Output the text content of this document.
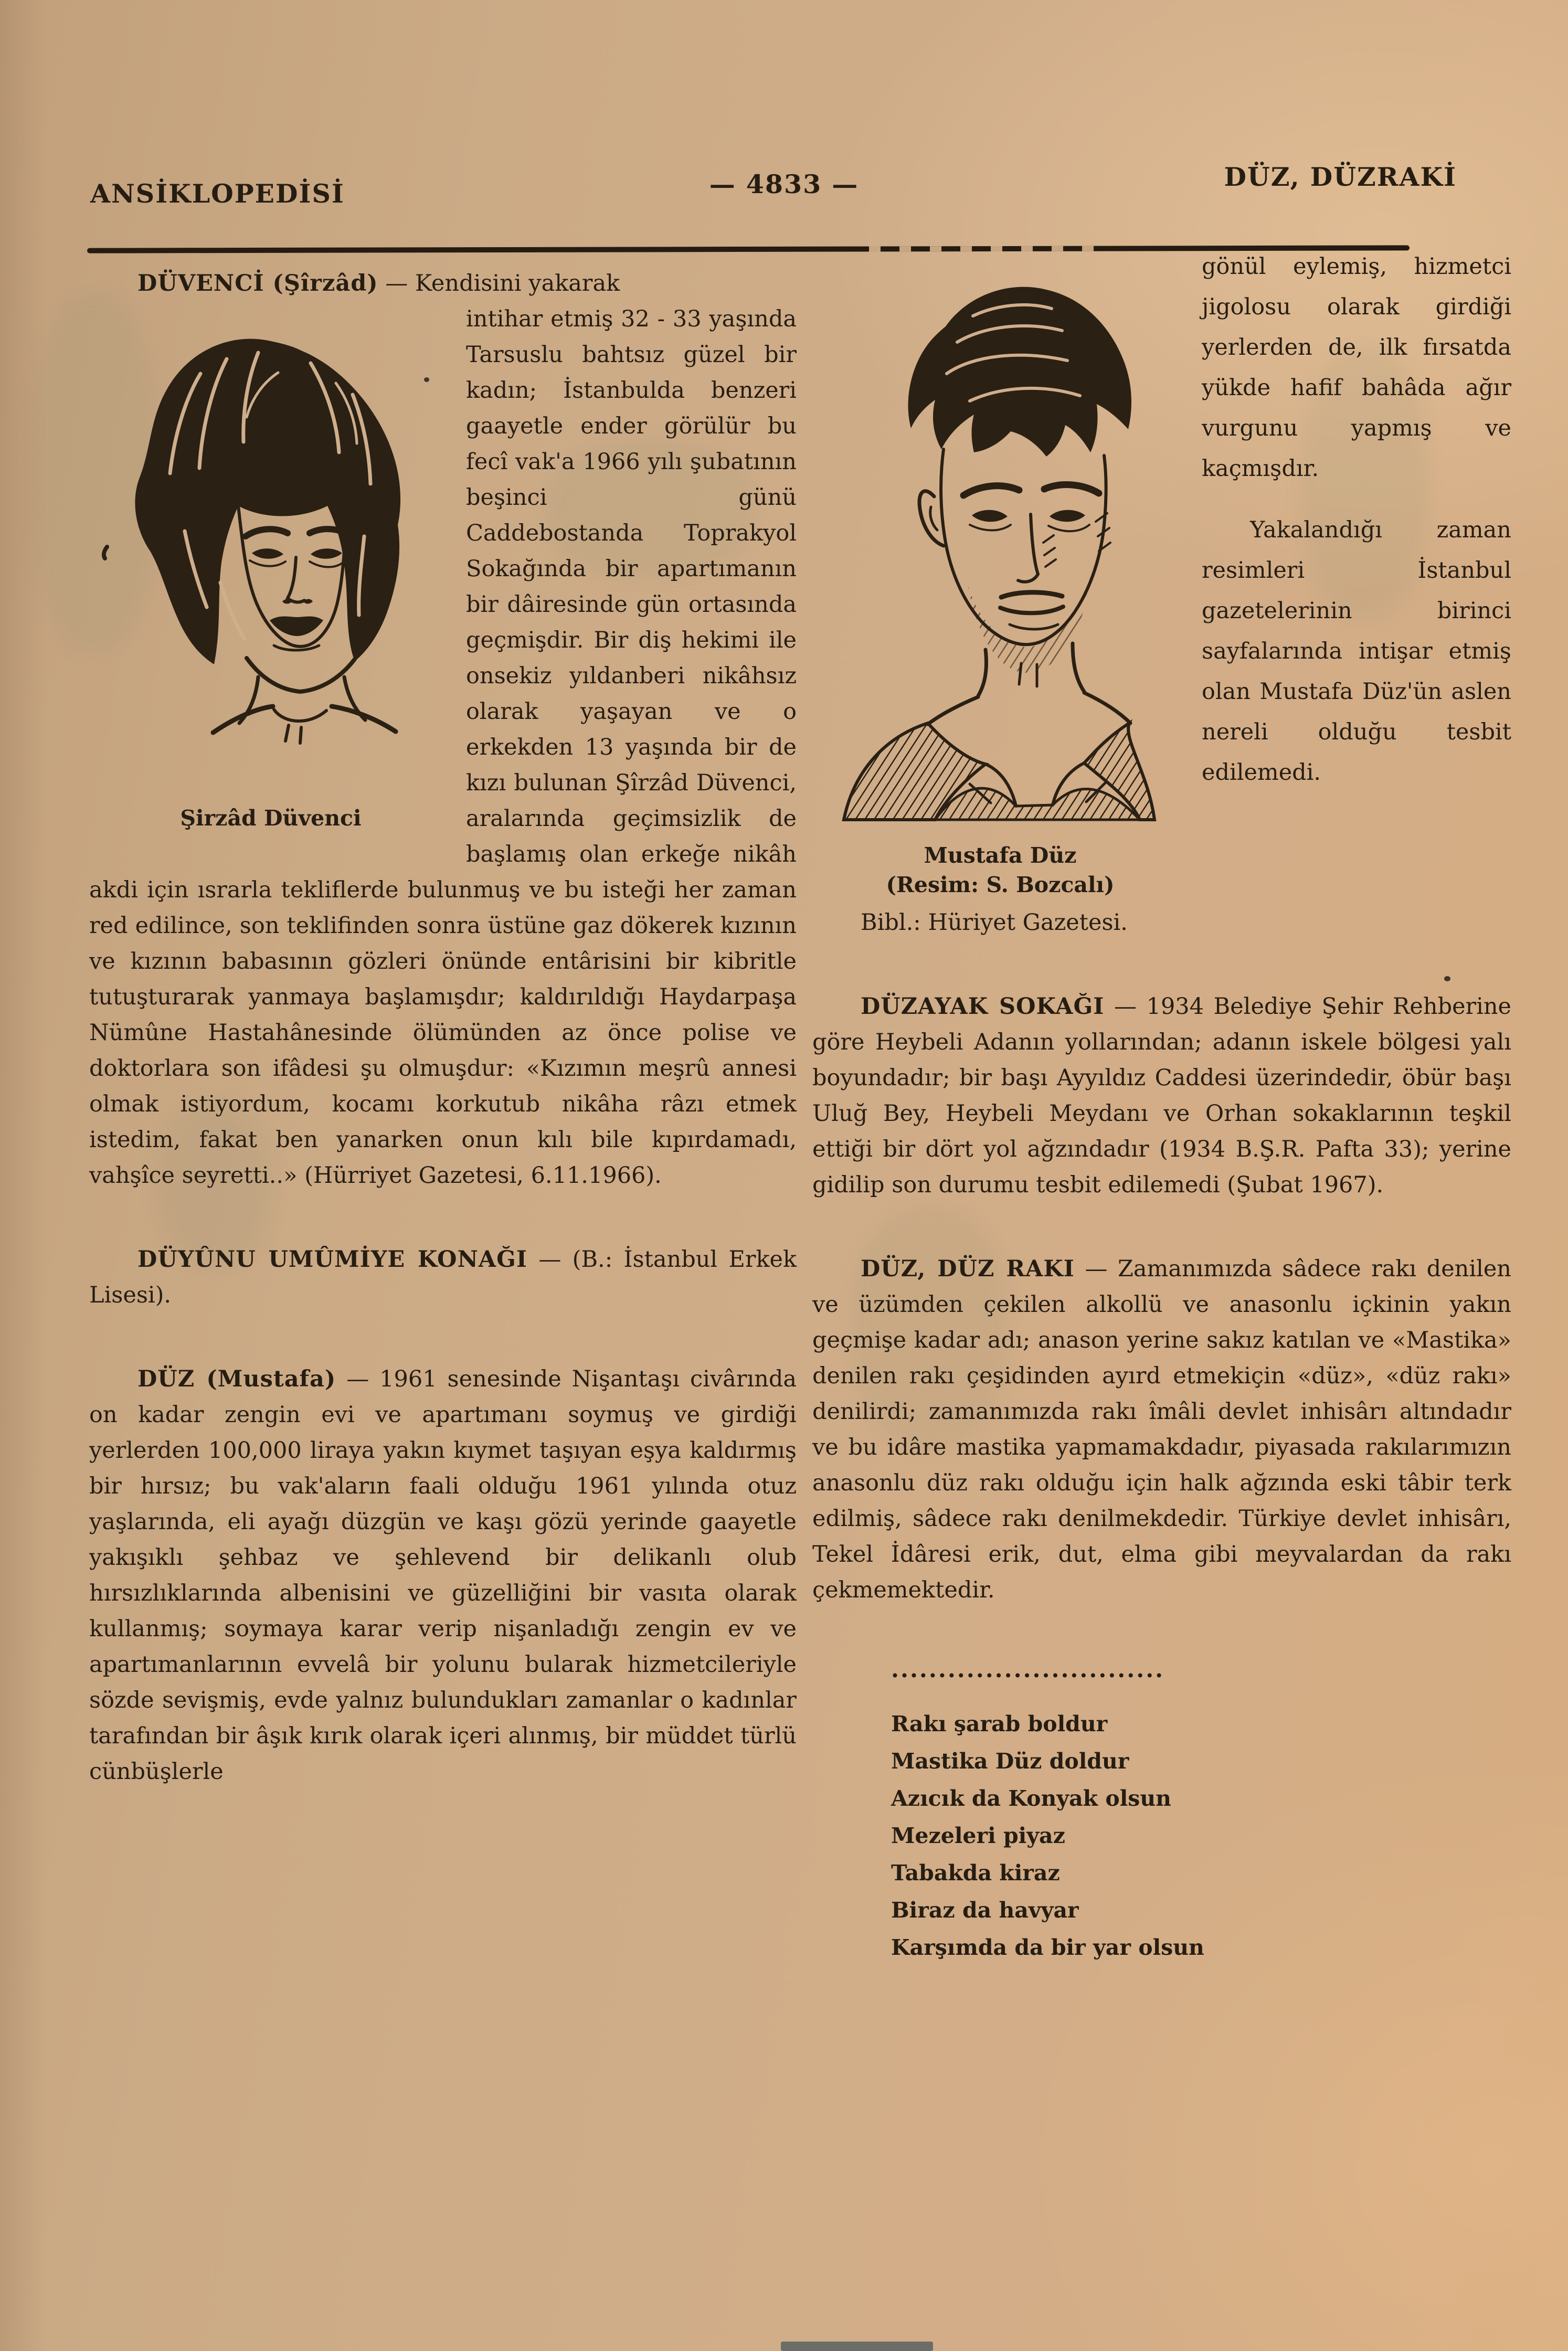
ANSİKLOPEDİSİ	— 4833 —	DÜZ, DÜZRAKİ

DÜVENCİ (Şîrzâd) — Kendisini yakarak

Şirzâd Düvenci

intihar etmiş 32 - 33 yaşında Tarsuslu bahtsız güzel bir kadın; İstanbulda benzeri gaayetle ender görülür bu fecî vak'a 1966 yılı şubatının beşinci günü Caddebostanda Toprakyol Sokağında bir apartımanın bir dâiresinde gün ortasında geçmişdir. Bir diş hekimi ile onsekiz yıldanberi nikâhsız olarak yaşayan ve o erkekden 13 yaşında bir de kızı bulunan Şîrzâd Düvenci, aralarında geçimsizlik de başlamış olan erkeğe nikâh akdi için ısrarla tekliflerde bulunmuş ve bu isteği her zaman red edilince, son teklifinden sonra üstüne gaz dökerek kızının ve kızının babasının gözleri önünde entârisini bir kibritle tutuşturarak yanmaya başlamışdır; kaldırıldığı Haydarpaşa Nümûne Hastahânesinde ölümünden az önce polise ve doktorlara son ifâdesi şu olmuşdur: «Kızımın meşrû annesi olmak istiyordum, kocamı korkutub nikâha râzı etmek istedim, fakat ben yanarken onun kılı bile kıpırdamadı, vahşîce seyretti..» (Hürriyet Gazetesi, 6.11.1966).

DÜYÛNU UMÛMİYE KONAĞI — (B.: İstanbul Erkek Lisesi).

DÜZ (Mustafa) — 1961 senesinde Nişantaşı civârında on kadar zengin evi ve apartımanı soymuş ve girdiği yerlerden 100,000 liraya yakın kıymet taşıyan eşya kaldırmış bir hırsız; bu vak'aların faali olduğu 1961 yılında otuz yaşlarında, eli ayağı düzgün ve kaşı gözü yerinde gaayetle yakışıklı şehbaz ve şehlevend bir delikanlı olub hırsızlıklarında albenisini ve güzelliğini bir vasıta olarak kullanmış; soymaya karar verip nişanladığı zengin ev ve apartımanlarının evvelâ bir yolunu bularak hizmetcileriyle sözde sevişmiş, evde yalnız bulundukları zamanlar o kadınlar tarafından bir âşık kırık olarak içeri alınmış, bir müddet türlü cünbüşlerle

Mustafa Düz
(Resim: S. Bozcalı)

gönül eylemiş, hizmetci jigolosu olarak girdiği yerlerden de, ilk fırsatda yükde hafif bahâda ağır vurgunu yapmış ve kaçmışdır.

Yakalandığı zaman resimleri İstanbul gazetelerinin birinci sayfalarında intişar etmiş olan Mustafa Düz'ün aslen nereli olduğu tesbit edilemedi.

Bibl.: Hüriyet Gazetesi.

DÜZAYAK SOKAĞI — 1934 Belediye Şehir Rehberine göre Heybeli Adanın yollarından; adanın iskele bölgesi yalı boyundadır; bir başı Ayyıldız Caddesi üzerindedir, öbür başı Uluğ Bey, Heybeli Meydanı ve Orhan sokaklarının teşkil ettiği bir dört yol ağzındadır (1934 B.Ş.R. Pafta 33); yerine gidilip son durumu tesbit edilemedi (Şubat 1967).

DÜZ, DÜZ RAKI — Zamanımızda sâdece rakı denilen ve üzümden çekilen alkollü ve anasonlu içkinin yakın geçmişe kadar adı; anason yerine sakız katılan ve «Mastika» denilen rakı çeşidinden ayırd etmekiçin «düz», «düz rakı» denilirdi; zamanımızda rakı îmâli devlet inhisârı altındadır ve bu idâre mastika yapmamakdadır, piyasada rakılarımızın anasonlu düz rakı olduğu için halk ağzında eski tâbir terk edilmiş, sâdece rakı denilmekdedir. Türkiye devlet inhisârı, Tekel İdâresi erik, dut, elma gibi meyvalardan da rakı çekmemektedir.

.............................

Rakı şarab boldur
Mastika Düz doldur
Azıcık da Konyak olsun
Mezeleri piyaz
Tabakda kiraz
Biraz da havyar
Karşımda da bir yar olsun
